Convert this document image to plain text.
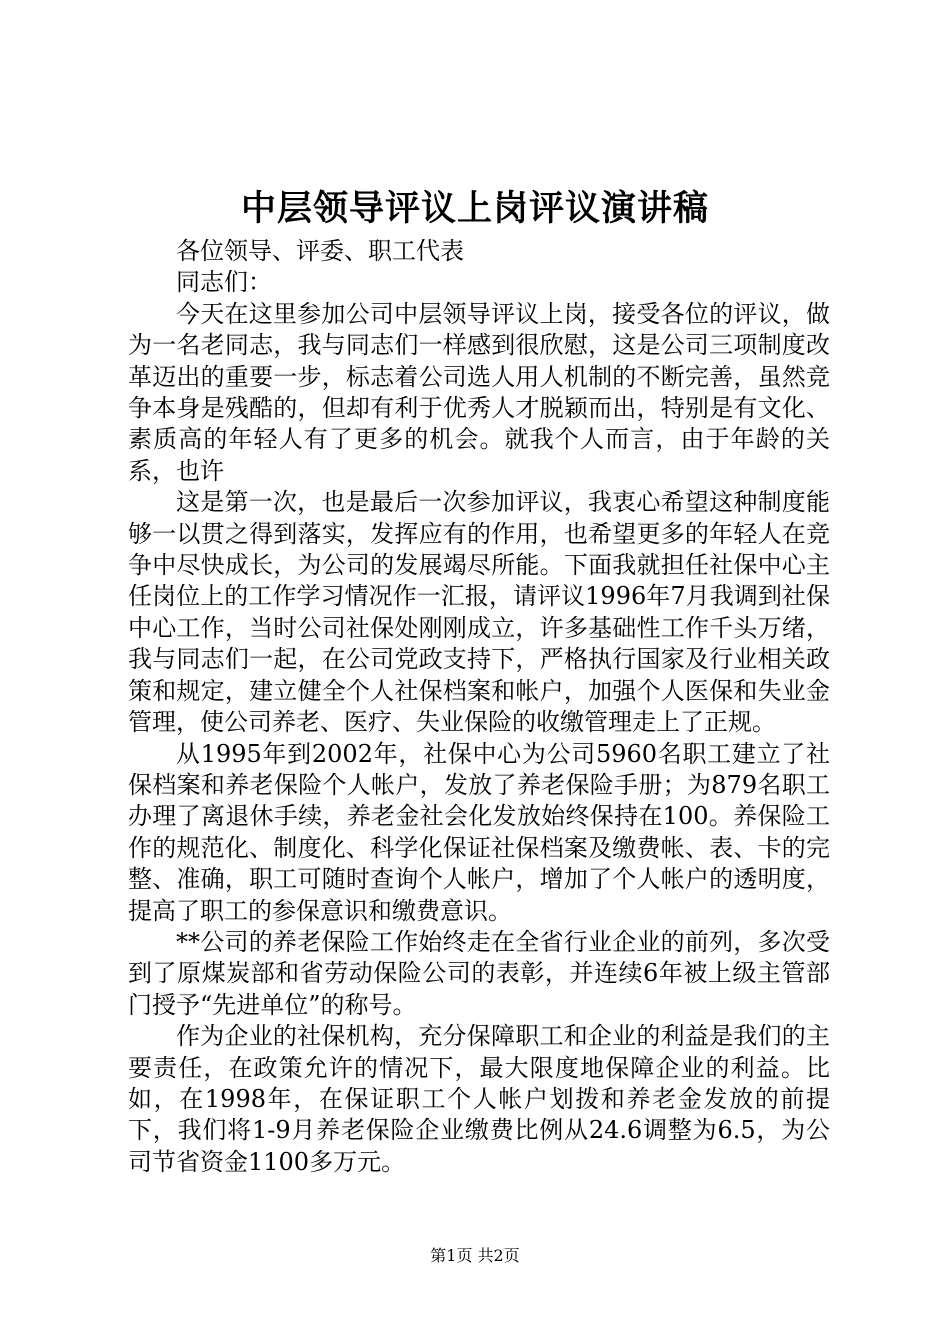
中层领导评议上岗评议演讲稿

各位领导、评委、职工代表

同志们：

今天在这里参加公司中层领导评议上岗，接受各位的评议，做为一名老同志，我与同志们一样感到很欣慰，这是公司三项制度改革迈出的重要一步，标志着公司选人用人机制的不断完善，虽然竞争本身是残酷的，但却有利于优秀人才脱颖而出，特别是有文化、素质高的年轻人有了更多的机会。就我个人而言，由于年龄的关系，也许

这是第一次，也是最后一次参加评议，我衷心希望这种制度能够一以贯之得到落实，发挥应有的作用，也希望更多的年轻人在竞争中尽快成长，为公司的发展竭尽所能。下面我就担任社保中心主任岗位上的工作学习情况作一汇报，请评议1996年7月我调到社保中心工作，当时公司社保处刚刚成立，许多基础性工作千头万绪，我与同志们一起，在公司党政支持下，严格执行国家及行业相关政策和规定，建立健全个人社保档案和帐户，加强个人医保和失业金管理，使公司养老、医疗、失业保险的收缴管理走上了正规。

从1995年到2002年，社保中心为公司5960名职工建立了社保档案和养老保险个人帐户，发放了养老保险手册；为879名职工办理了离退休手续，养老金社会化发放始终保持在100。养保险工作的规范化、制度化、科学化保证社保档案及缴费帐、表、卡的完整、准确，职工可随时查询个人帐户，增加了个人帐户的透明度，提高了职工的参保意识和缴费意识。

**公司的养老保险工作始终走在全省行业企业的前列，多次受到了原煤炭部和省劳动保险公司的表彰，并连续6年被上级主管部门授予“先进单位”的称号。

作为企业的社保机构，充分保障职工和企业的利益是我们的主要责任，在政策允许的情况下，最大限度地保障企业的利益。比如，在1998年，在保证职工个人帐户划拨和养老金发放的前提下，我们将1-9月养老保险企业缴费比例从24.6调整为6.5，为公司节省资金1100多万元。

第1页 共2页
